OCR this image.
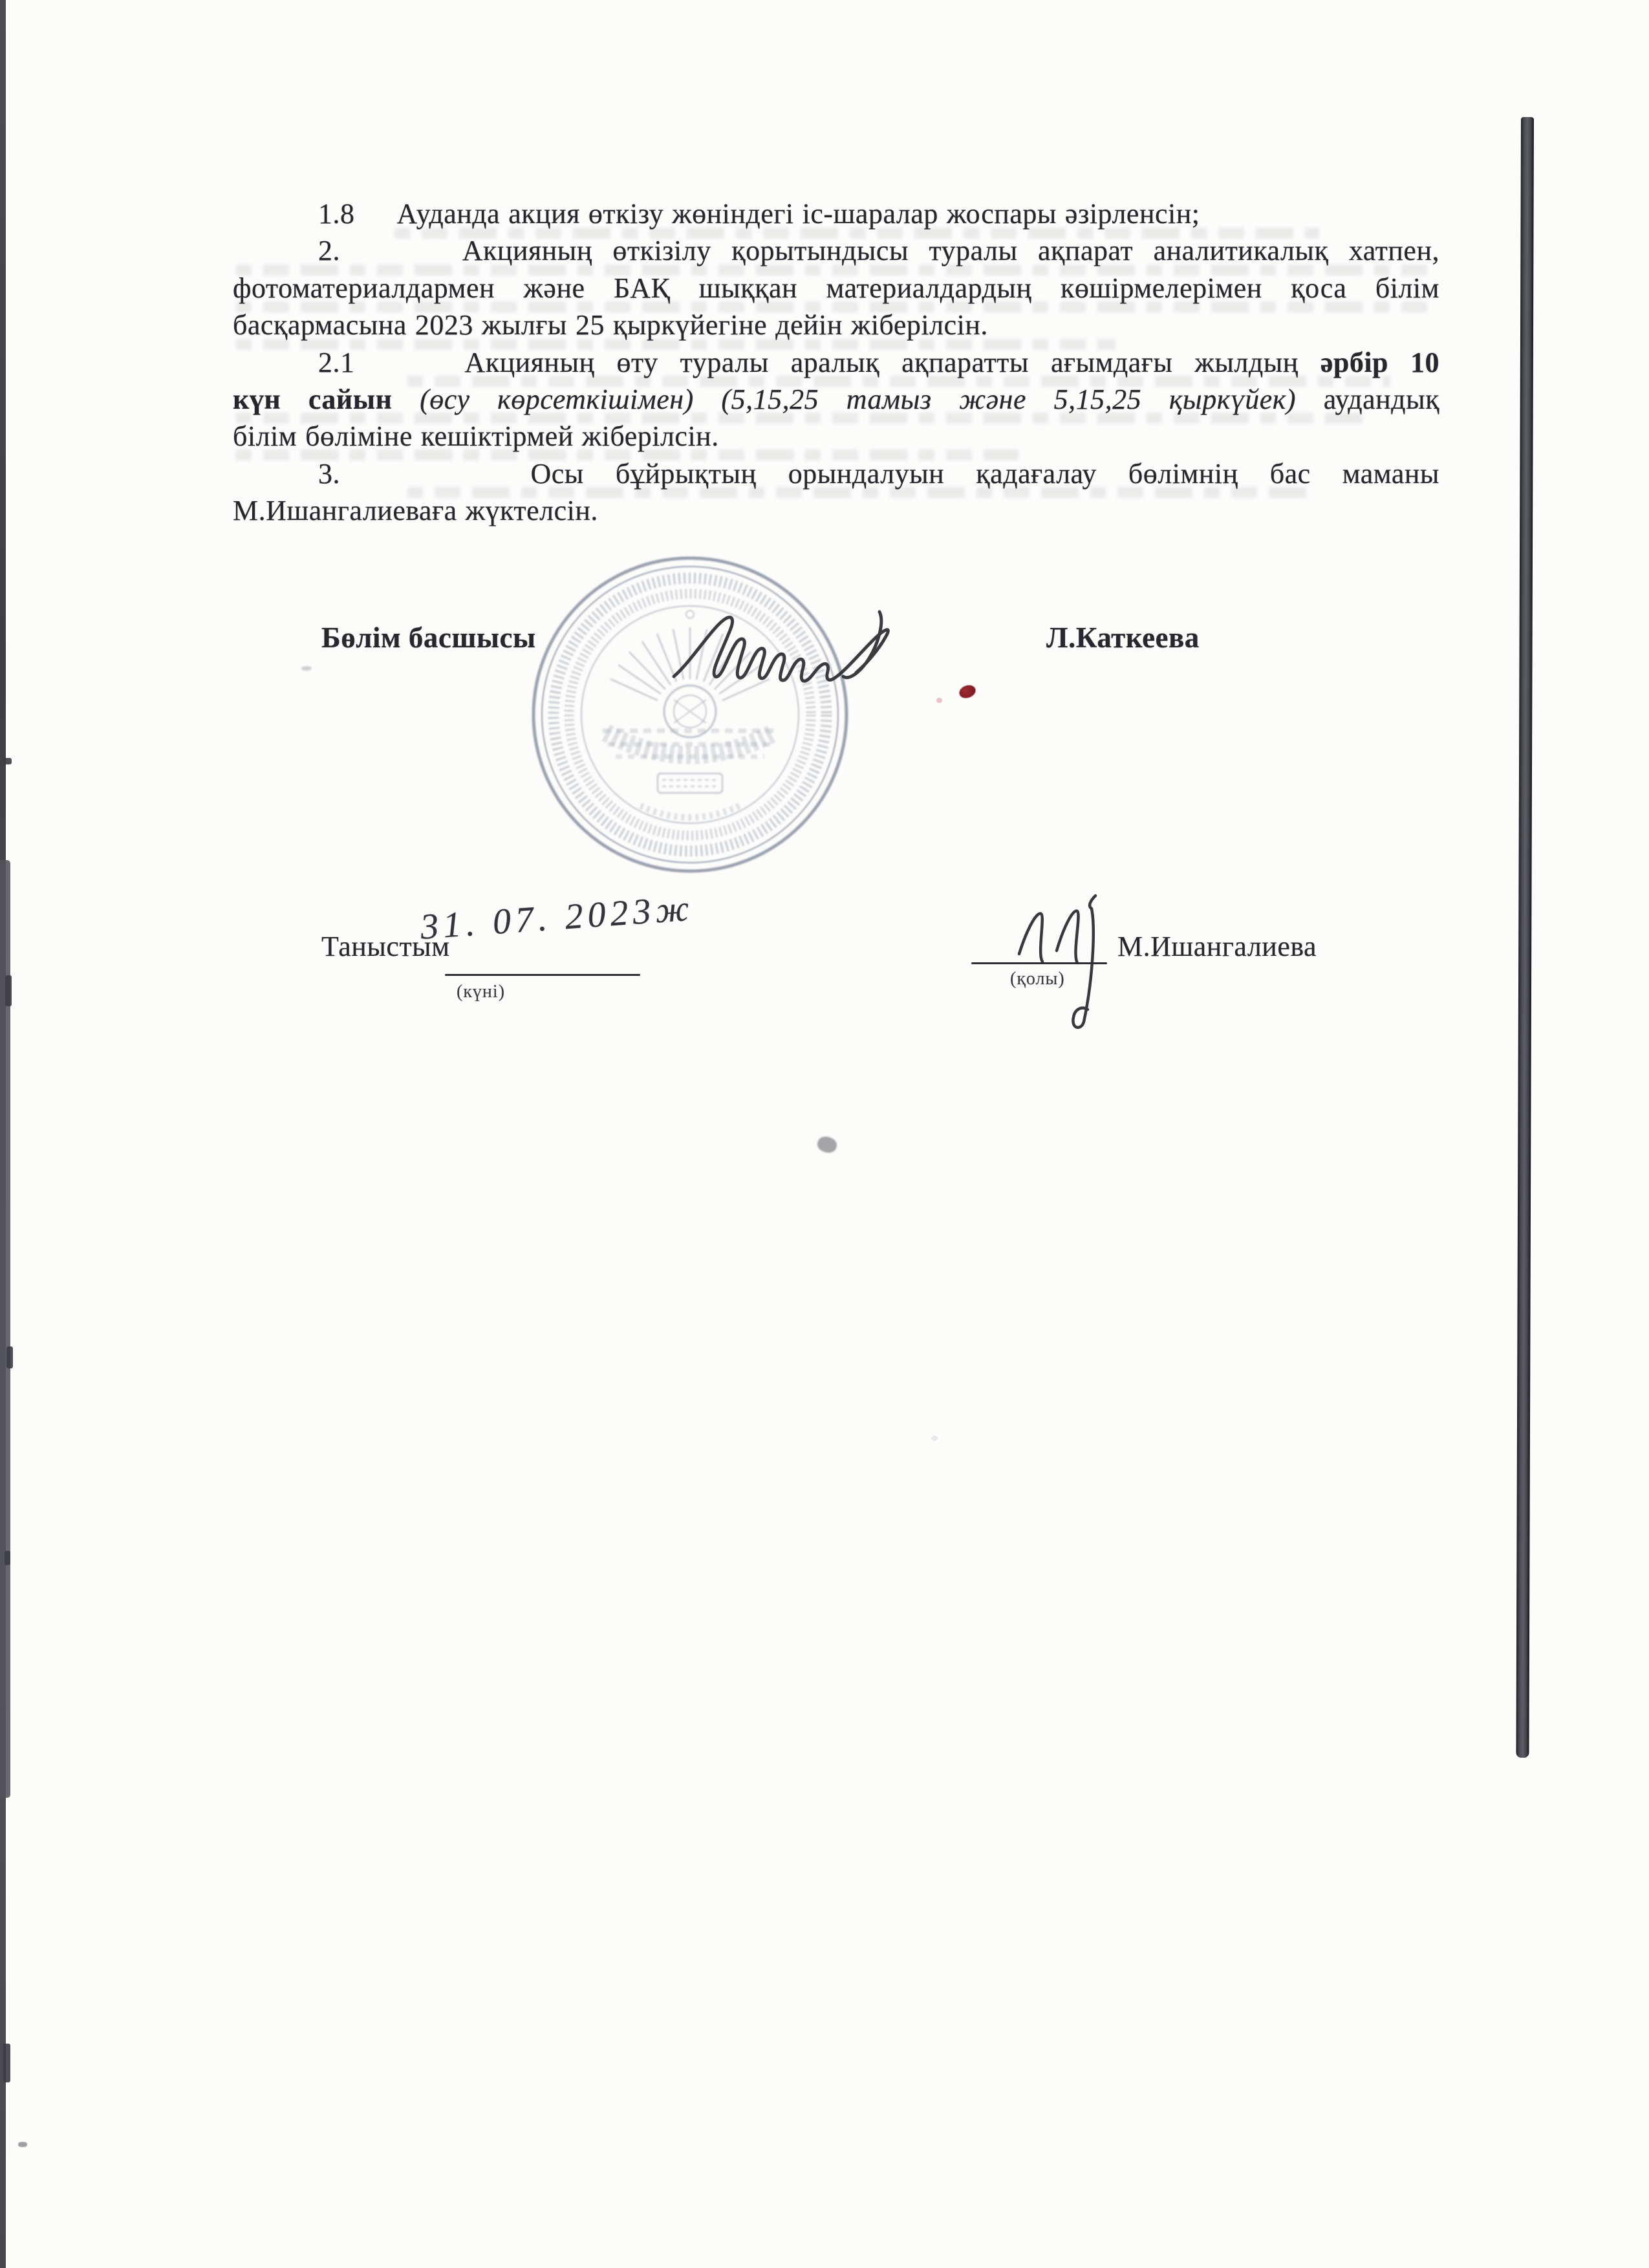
Бөлім басшысы	Л.Каткеева
Таныстым
31. 07. 2023ж
(күні)
(қолы)
М.Ишангалиева
1.8 Ауданда акция өткізу жөніндегі іс-шаралар жоспары әзірленсін;
2.	Акцияның өткізілу қорытындысы туралы ақпарат аналитикалық хатпен,
фотоматериалдармен және БАҚ шыққан материалдардың көшірмелерімен қоса білім
басқармасына 2023 жылғы 25 қыркүйегіне дейін жіберілсін.
2.1	Акцияның өту туралы аралық ақпаратты ағымдағы жылдың әрбір 10
күн сайын (өсу көрсеткішімен) (5,15,25 тамыз және 5,15,25 қыркүйек) аудандық
білім бөліміне кешіктірмей жіберілсін.
3.	Осы бұйрықтың орындалуын қадағалау бөлімнің бас маманы
М.Ишангалиеваға жүктелсін.
